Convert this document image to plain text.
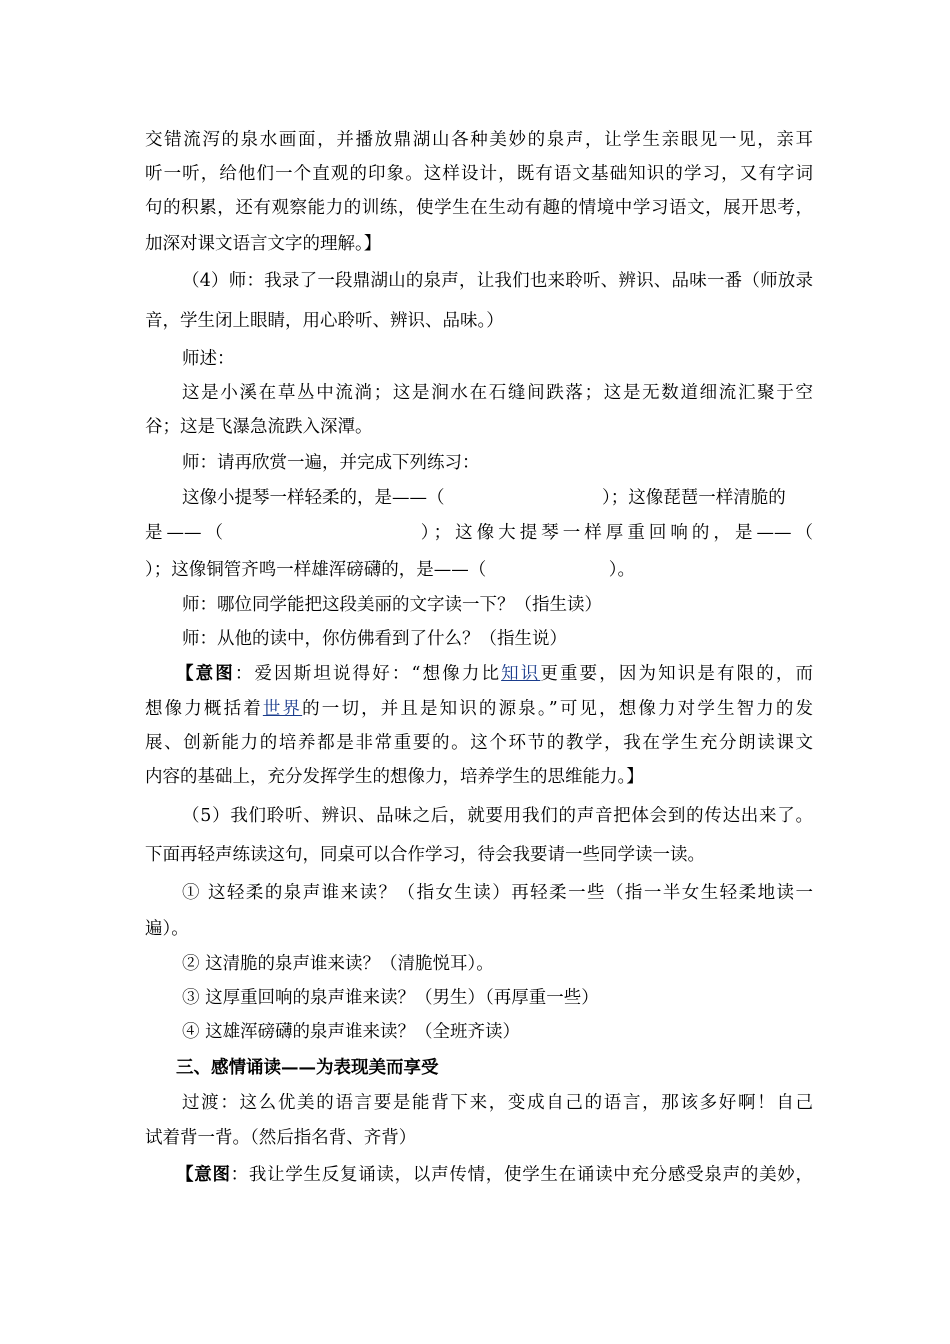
交错流泻的泉水画面，并播放鼎湖山各种美妙的泉声，让学生亲眼见一见，亲耳
听一听，给他们一个直观的印象。这样设计，既有语文基础知识的学习，又有字词
句的积累，还有观察能力的训练，使学生在生动有趣的情境中学习语文，展开思考，
加深对课文语言文字的理解。】
（4）师：我录了一段鼎湖山的泉声，让我们也来聆听、辨识、品味一番（师放录
音，学生闭上眼睛，用心聆听、辨识、品味。）
师述：
这是小溪在草丛中流淌；这是涧水在石缝间跌落；这是无数道细流汇聚于空
谷；这是飞瀑急流跌入深潭。
师：请再欣赏一遍，并完成下列练习：
这像小提琴一样轻柔的，是——（　　　　　　　　　）；这像琵琶一样清脆的
是——（　　　　　　　　　）；这像大提琴一样厚重回响的，是——（
）；这像铜管齐鸣一样雄浑磅礴的，是——（　　　　　　　）。
师：哪位同学能把这段美丽的文字读一下？（指生读）
师：从他的读中，你仿佛看到了什么？（指生说）
【意图：爱因斯坦说得好：“想像力比知识更重要，因为知识是有限的，而
想像力概括着世界的一切，并且是知识的源泉。”可见，想像力对学生智力的发
展、创新能力的培养都是非常重要的。这个环节的教学，我在学生充分朗读课文
内容的基础上，充分发挥学生的想像力，培养学生的思维能力。】
（5）我们聆听、辨识、品味之后，就要用我们的声音把体会到的传达出来了。
下面再轻声练读这句，同桌可以合作学习，待会我要请一些同学读一读。
① 这轻柔的泉声谁来读？（指女生读）再轻柔一些（指一半女生轻柔地读一
遍）。
② 这清脆的泉声谁来读？（清脆悦耳）。
③ 这厚重回响的泉声谁来读？（男生）（再厚重一些）
④ 这雄浑磅礴的泉声谁来读？（全班齐读）
三、感情诵读——为表现美而享受
过渡：这么优美的语言要是能背下来，变成自己的语言，那该多好啊！自己
试着背一背。（然后指名背、齐背）
【意图：我让学生反复诵读，以声传情，使学生在诵读中充分感受泉声的美妙，
